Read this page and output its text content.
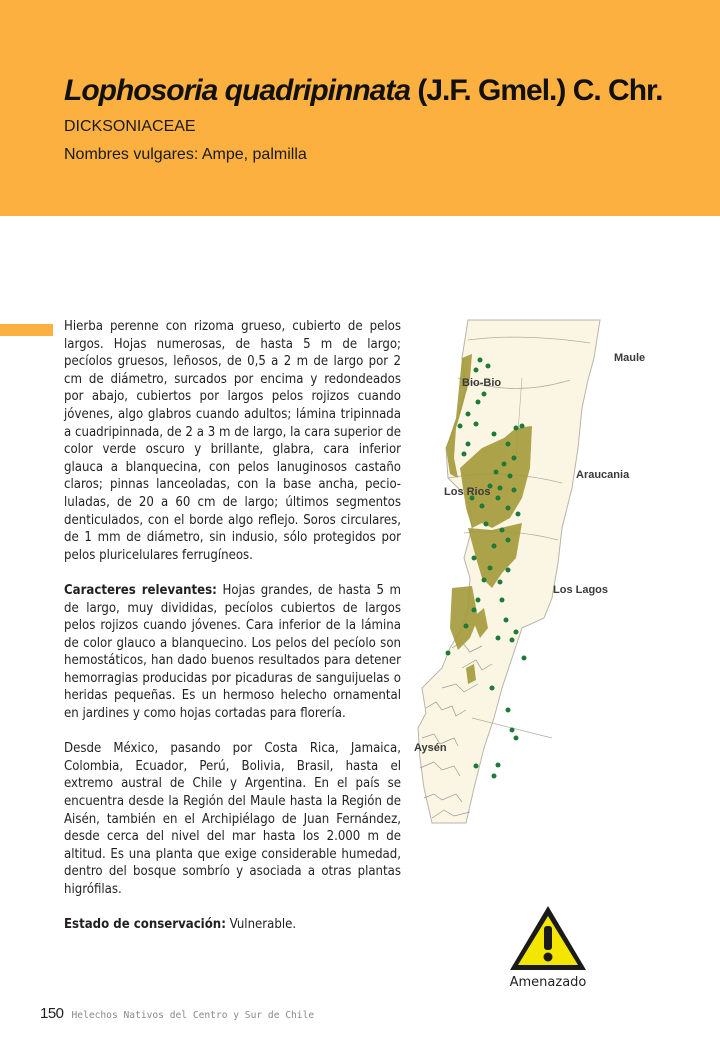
Lophosoria quadripinnata (J.F. Gmel.) C. Chr.
DICKSONIACEAE
Nombres vulgares: Ampe, palmilla

Hierba perenne con rizoma grueso, cubierto de pelos largos. Hojas numerosas, de hasta 5 m de largo; pecíolos gruesos, leñosos, de 0,5 a 2 m de largo por 2 cm de diámetro, surcados por encima y redondeados por abajo, cubiertos por largos pelos rojizos cuando jóvenes, algo glabros cuando adultos; lámina tripinnada a cuadripinnada, de 2 a 3 m de largo, la cara superior de color verde oscuro y brillante, glabra, cara inferior glauca a blanquecina, con pelos lanuginosos castaño claros; pinnas lanceoladas, con la base ancha, pecioluladas, de 20 a 60 cm de largo; últimos segmentos denticulados, con el borde algo reflejo. Soros circulares, de 1 mm de diámetro, sin indusio, sólo protegidos por pelos pluricelulares ferrugíneos.

Caracteres relevantes: Hojas grandes, de hasta 5 m de largo, muy divididas, pecíolos cubiertos de largos pelos rojizos cuando jóvenes. Cara inferior de la lámina de color glauco a blanquecino. Los pelos del pecíolo son hemostáticos, han dado buenos resultados para detener hemorragias producidas por picaduras de sanguijuelas o heridas pequeñas. Es un hermoso helecho ornamental en jardines y como hojas cortadas para florería.

Desde México, pasando por Costa Rica, Jamaica, Colombia, Ecuador, Perú, Bolivia, Brasil, hasta el extremo austral de Chile y Argentina. En el país se encuentra desde la Región del Maule hasta la Región de Aisén, también en el Archipiélago de Juan Fernández, desde cerca del nivel del mar hasta los 2.000 m de altitud. Es una planta que exige considerable humedad, dentro del bosque sombrío y asociada a otras plantas higrófilas.

Estado de conservación: Vulnerable.

Maule
Bio-Bio
Araucania
Los Rios
Los Lagos
Aysén
Amenazado
150 Helechos Nativos del Centro y Sur de Chile
